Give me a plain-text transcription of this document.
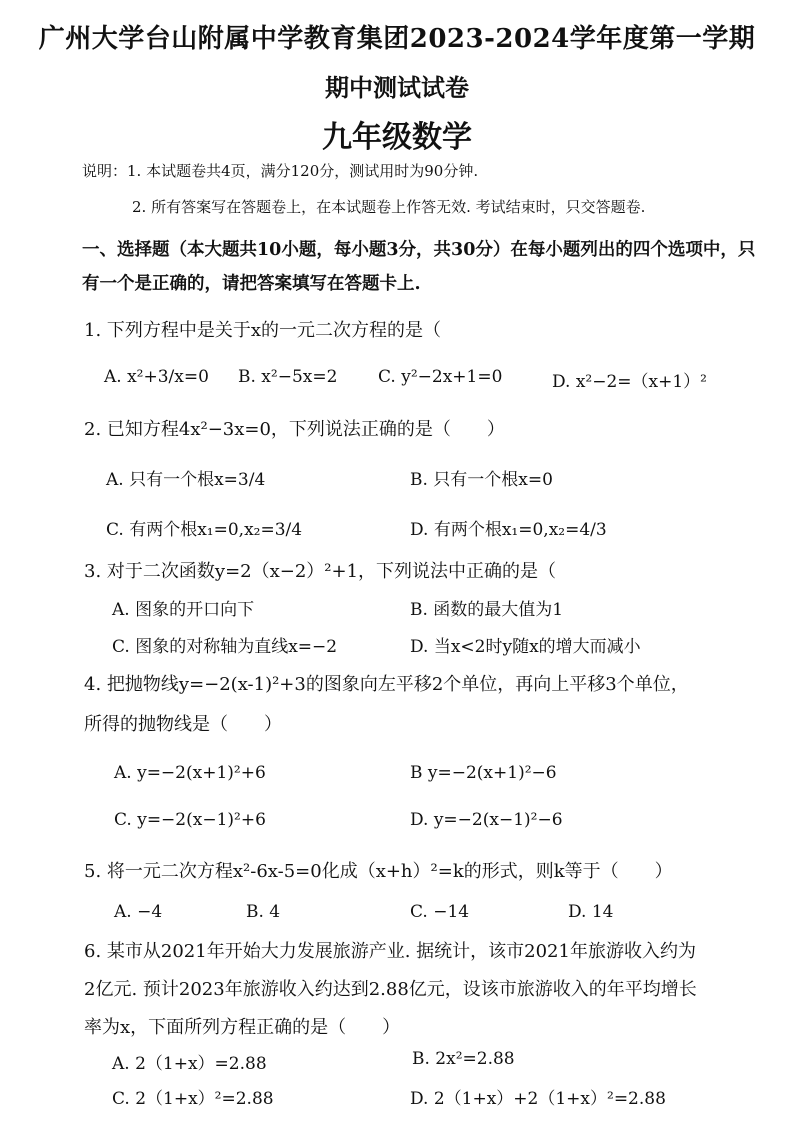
广州大学台山附属中学教育集团2023-2024学年度第一学期
期中测试试卷
九年级数学
说明：1. 本试题卷共4页，满分120分，测试用时为90分钟.
2. 所有答案写在答题卷上，在本试题卷上作答无效. 考试结束时，只交答题卷.
一、选择题（本大题共10小题，每小题3分，共30分）在每小题列出的四个选项中，只
有一个是正确的，请把答案填写在答题卡上.
1. 下列方程中是关于x的一元二次方程的是（
A. x²+3/x=0 B. x²−5x=2 C. y²−2x+1=0	D. x²−2=（x+1）²
2. 已知方程4x²−3x=0，下列说法正确的是（　　）
A. 只有一个根x=3/4	B. 只有一个根x=0
C. 有两个根x₁=0,x₂=3/4	D. 有两个根x₁=0,x₂=4/3
3. 对于二次函数y=2（x−2）²+1，下列说法中正确的是（
A. 图象的开口向下	B. 函数的最大值为1
C. 图象的对称轴为直线x=−2	D. 当x<2时y随x的增大而减小
4. 把抛物线y=−2(x-1)²+3的图象向左平移2个单位，再向上平移3个单位，
所得的抛物线是（　　）
A. y=−2(x+1)²+6	B y=−2(x+1)²−6
C. y=−2(x−1)²+6	D. y=−2(x−1)²−6
5. 将一元二次方程x²-6x-5=0化成（x+h）²=k的形式，则k等于（　　）
A. −4	B. 4	C. −14	D. 14
6. 某市从2021年开始大力发展旅游产业. 据统计，该市2021年旅游收入约为
2亿元. 预计2023年旅游收入约达到2.88亿元，设该市旅游收入的年平均增长
率为x，下面所列方程正确的是（　　）
A. 2（1+x）=2.88	B. 2x²=2.88
C. 2（1+x）²=2.88	D. 2（1+x）+2（1+x）²=2.88
